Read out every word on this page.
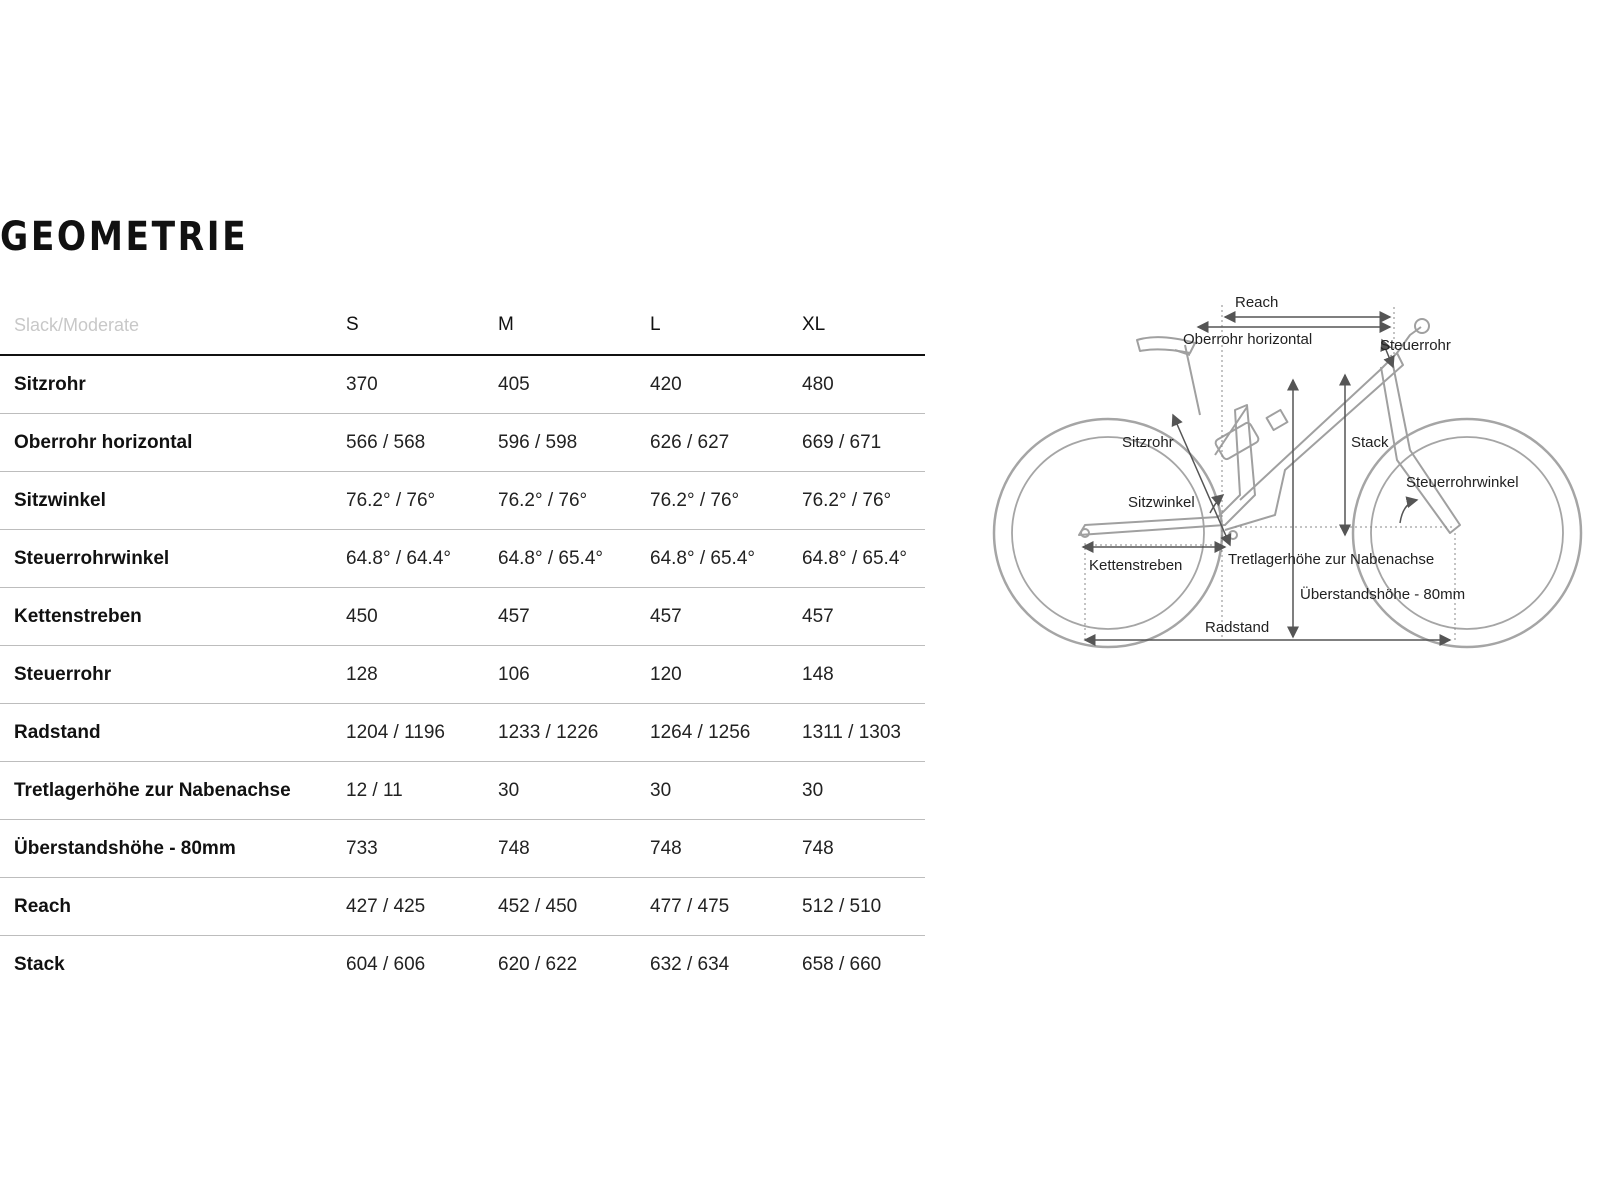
GEOMETRIE
Slack/Moderate	S	M	L	XL
Sitzrohr	370	405	420	480
Oberrohr horizontal	566 / 568	596 / 598	626 / 627	669 / 671
Sitzwinkel	76.2° / 76°	76.2° / 76°	76.2° / 76°	76.2° / 76°
Steuerrohrwinkel	64.8° / 64.4°	64.8° / 65.4°	64.8° / 65.4°	64.8° / 65.4°
Kettenstreben	450	457	457	457
Steuerrohr	128	106	120	148
Radstand	1204 / 1196	1233 / 1226	1264 / 1256	1311 / 1303
Tretlagerhöhe zur Nabenachse	12 / 11	30	30	30
Überstandshöhe - 80mm	733	748	748	748
Reach	427 / 425	452 / 450	477 / 475	512 / 510
Stack	604 / 606	620 / 622	632 / 634	658 / 660
Reach
Oberrohr horizontal	Steuerrohr
Sitzrohr	Stack
Steuerrohrwinkel
Sitzwinkel
Kettenstreben	Tretlagerhöhe zur Nabenachse
Überstandshöhe - 80mm
Radstand
